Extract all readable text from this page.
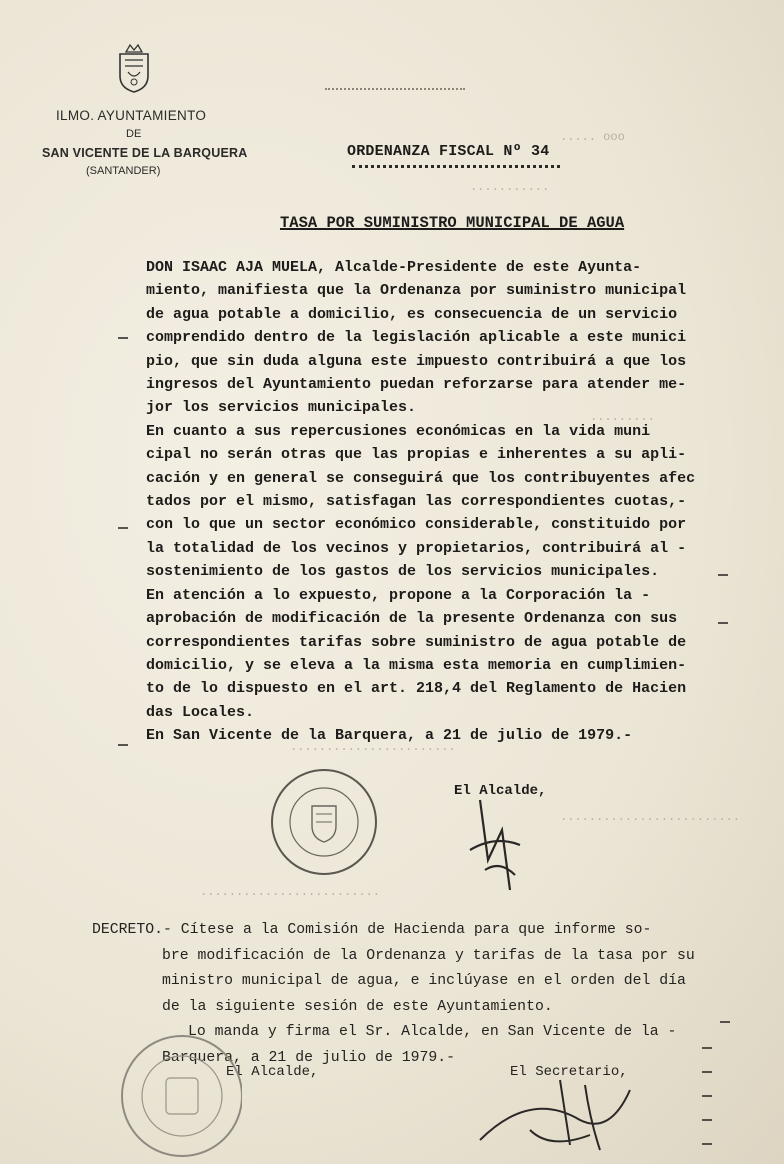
ILMO. AYUNTAMIENTO
DE
SAN VICENTE DE LA BARQUERA
(SANTANDER)
ooo .....
...........
.........
.......................
.........................
.........................
ORDENANZA FISCAL Nº 34
TASA POR SUMINISTRO MUNICIPAL DE AGUA

DON ISAAC AJA MUELA, Alcalde-Presidente de este Ayunta-

miento, manifiesta que la Ordenanza por suministro municipal

de agua potable a domicilio, es consecuencia de un servicio

comprendido dentro de la legislación aplicable a este munici

pio, que sin duda alguna este impuesto contribuirá a que los

ingresos del Ayuntamiento puedan reforzarse para atender me-

jor los servicios municipales.

En cuanto a sus repercusiones económicas en la vida muni

cipal no serán otras que las propias e inherentes a su apli-

cación y en general se conseguirá que los contribuyentes afec

tados por el mismo, satisfagan las correspondientes cuotas,-

con lo que un sector económico considerable, constituido por

la totalidad de los vecinos y propietarios, contribuirá al -

sostenimiento de los gastos de los servicios municipales.

En atención a lo expuesto, propone a la Corporación la -

aprobación de modificación de la presente Ordenanza con sus

correspondientes tarifas sobre suministro de agua potable de

domicilio, y se eleva a la misma esta memoria en cumplimien-

to de lo dispuesto en el art. 218,4 del Reglamento de Hacien

das Locales.

En San Vicente de la Barquera, a 21 de julio de 1979.-

El Alcalde,

DECRETO.- Cítese a la Comisión de Hacienda para que informe so-

bre modificación de la Ordenanza y tarifas de la tasa por su

ministro municipal de agua, e inclúyase en el orden del día

de la siguiente sesión de este Ayuntamiento.

Lo manda y firma el Sr. Alcalde, en San Vicente de la -

Barquera, a 21 de julio de 1979.-

El Alcalde,	El Secretario,
